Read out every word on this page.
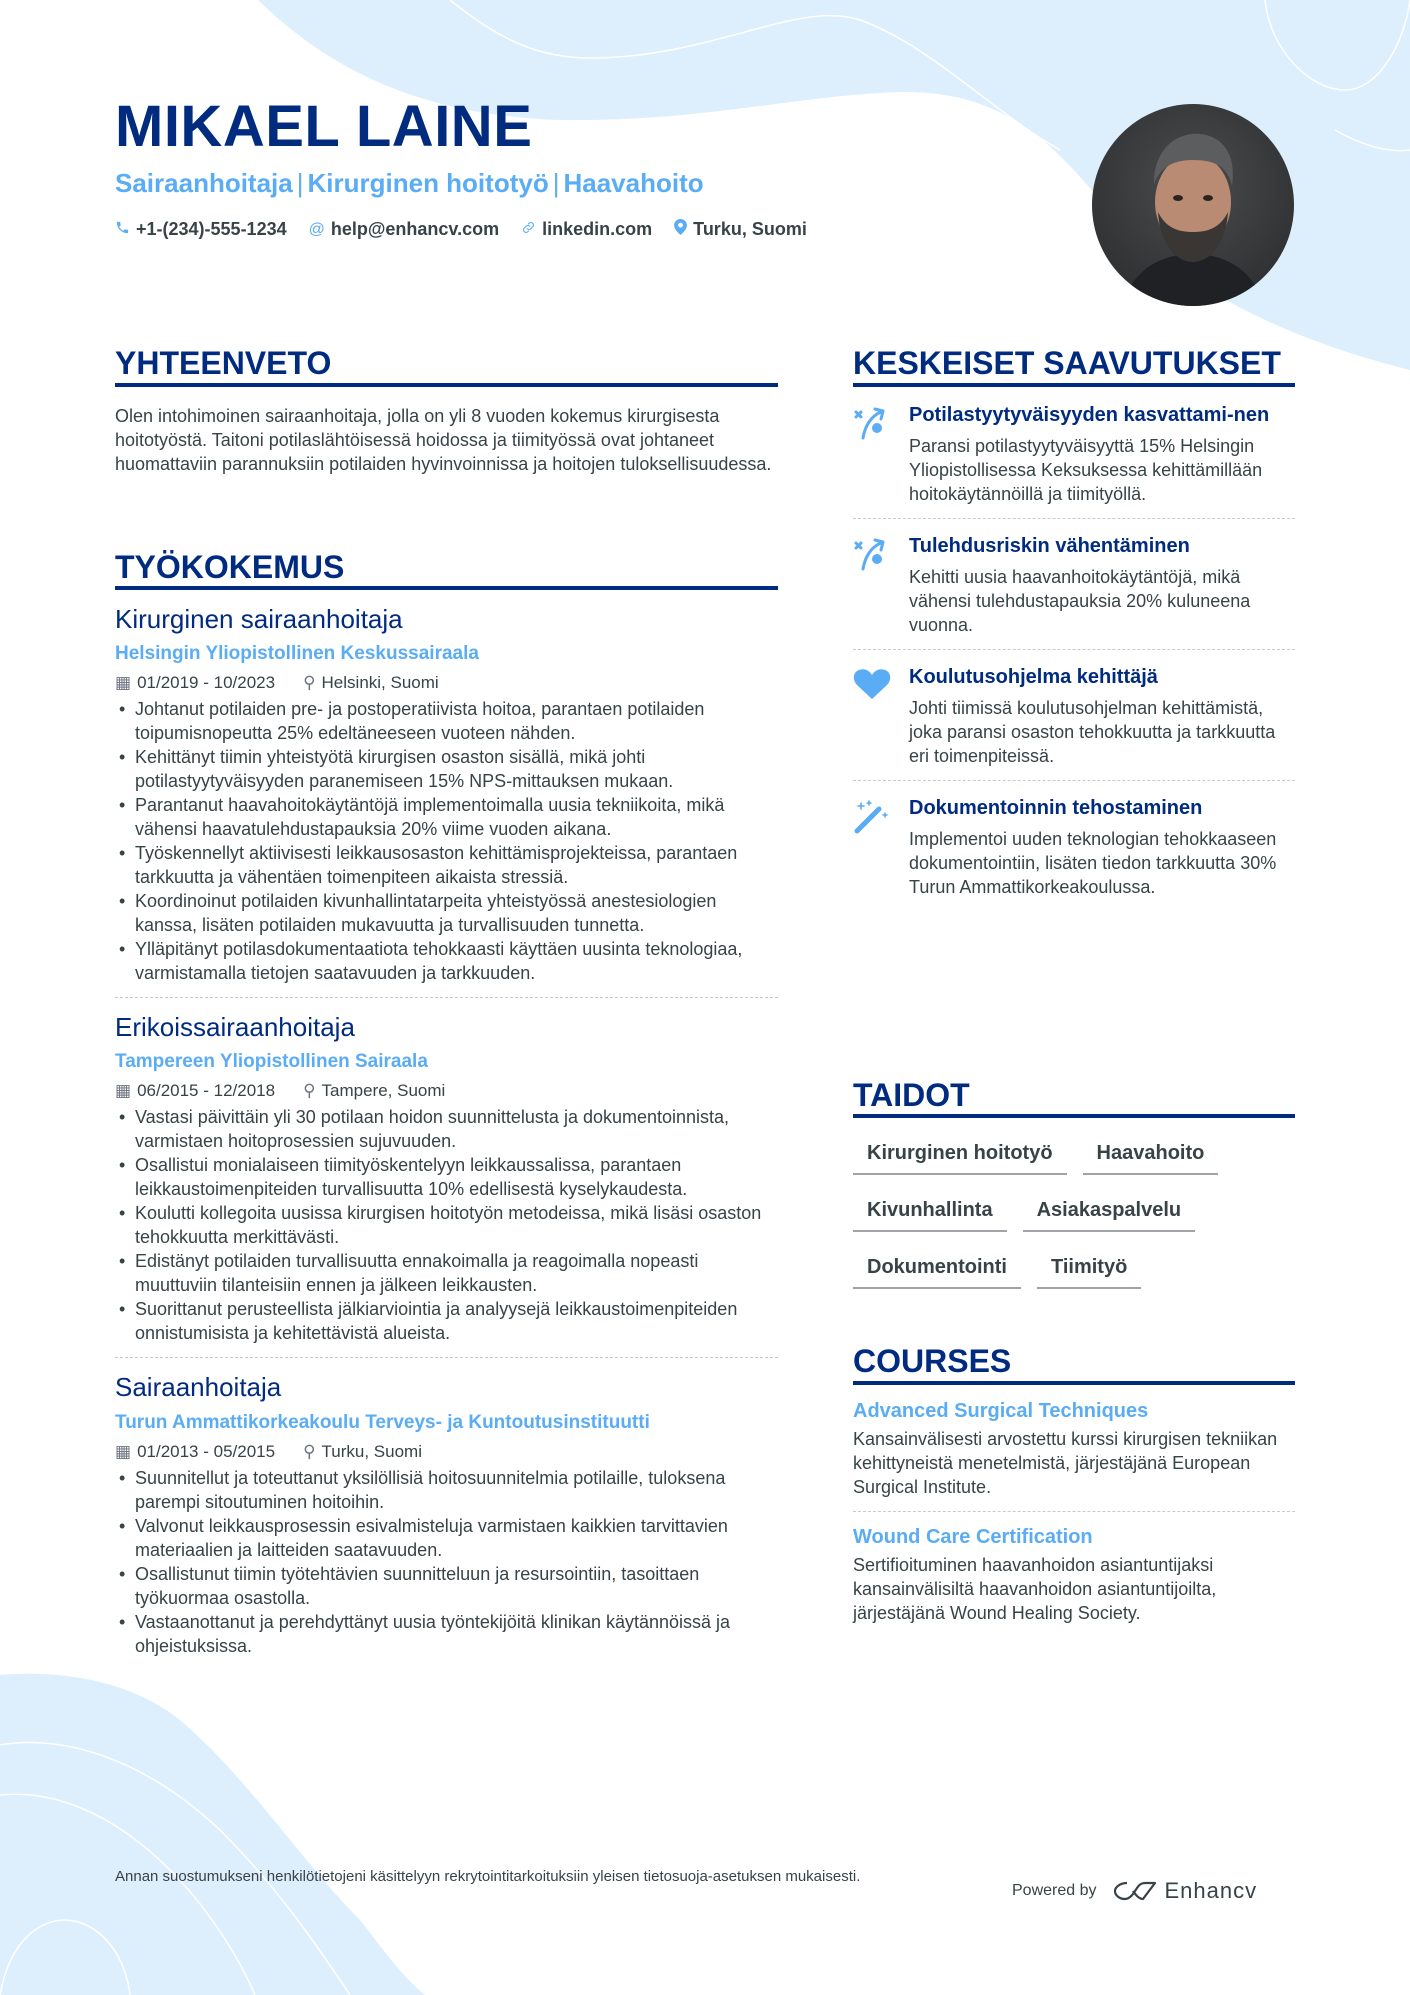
MIKAEL LAINE
Sairaanhoitaja | Kirurginen hoitotyö | Haavahoito
+1-(234)-555-1234 @ help@enhancv.com linkedin.com Turku, Suomi
YHTEENVETO
Olen intohimoinen sairaanhoitaja, jolla on yli 8 vuoden kokemus kirurgisesta hoitotyöstä. Taitoni potilaslähtöisessä hoidossa ja tiimityössä ovat johtaneet huomattaviin parannuksiin potilaiden hyvinvoinnissa ja hoitojen tuloksellisuudessa.
TYÖKOKEMUS
Kirurginen sairaanhoitaja
Helsingin Yliopistollinen Keskussairaala
▦ 01/2019 - 10/2023 ⚲ Helsinki, Suomi
• Johtanut potilaiden pre- ja postoperatiivista hoitoa, parantaen potilaiden toipumisnopeutta 25% edeltäneeseen vuoteen nähden.
• Kehittänyt tiimin yhteistyötä kirurgisen osaston sisällä, mikä johti potilastyytyväisyyden paranemiseen 15% NPS-mittauksen mukaan.
• Parantanut haavahoitokäytäntöjä implementoimalla uusia tekniikoita, mikä vähensi haavatulehdustapauksia 20% viime vuoden aikana.
• Työskennellyt aktiivisesti leikkausosaston kehittämisprojekteissa, parantaen tarkkuutta ja vähentäen toimenpiteen aikaista stressiä.
• Koordinoinut potilaiden kivunhallintatarpeita yhteistyössä anestesiologien kanssa, lisäten potilaiden mukavuutta ja turvallisuuden tunnetta.
• Ylläpitänyt potilasdokumentaatiota tehokkaasti käyttäen uusinta teknologiaa, varmistamalla tietojen saatavuuden ja tarkkuuden.
Erikoissairaanhoitaja
Tampereen Yliopistollinen Sairaala
▦ 06/2015 - 12/2018 ⚲ Tampere, Suomi
• Vastasi päivittäin yli 30 potilaan hoidon suunnittelusta ja dokumentoinnista, varmistaen hoitoprosessien sujuvuuden.
• Osallistui monialaiseen tiimityöskentelyyn leikkaussalissa, parantaen leikkaustoimenpiteiden turvallisuutta 10% edellisestä kyselykaudesta.
• Koulutti kollegoita uusissa kirurgisen hoitotyön metodeissa, mikä lisäsi osaston tehokkuutta merkittävästi.
• Edistänyt potilaiden turvallisuutta ennakoimalla ja reagoimalla nopeasti muuttuviin tilanteisiin ennen ja jälkeen leikkausten.
• Suorittanut perusteellista jälkiarviointia ja analyysejä leikkaustoimenpiteiden onnistumisista ja kehitettävistä alueista.
Sairaanhoitaja
Turun Ammattikorkeakoulu Terveys- ja Kuntoutusinstituutti
▦ 01/2013 - 05/2015 ⚲ Turku, Suomi
• Suunnitellut ja toteuttanut yksilöllisiä hoitosuunnitelmia potilaille, tuloksena parempi sitoutuminen hoitoihin.
• Valvonut leikkausprosessin esivalmisteluja varmistaen kaikkien tarvittavien materiaalien ja laitteiden saatavuuden.
• Osallistunut tiimin työtehtävien suunnitteluun ja resursointiin, tasoittaen työkuormaa osastolla.
• Vastaanottanut ja perehdyttänyt uusia työntekijöitä klinikan käytännöissä ja ohjeistuksissa.
KESKEISET SAAVUTUKSET
Potilastyytyväisyyden kasvattami-nen
Paransi potilastyytyväisyyttä 15% Helsingin Yliopistollisessa Keksuksessa kehittämillään hoitokäytännöillä ja tiimityöllä.
Tulehdusriskin vähentäminen
Kehitti uusia haavanhoitokäytäntöjä, mikä vähensi tulehdustapauksia 20% kuluneena vuonna.
Koulutusohjelma kehittäjä
Johti tiimissä koulutusohjelman kehittämistä, joka paransi osaston tehokkuutta ja tarkkuutta eri toimenpiteissä.
Dokumentoinnin tehostaminen
Implementoi uuden teknologian tehokkaaseen dokumentointiin, lisäten tiedon tarkkuutta 30% Turun Ammattikorkeakoulussa.
TAIDOT
Kirurginen hoitotyö	Haavahoito
Kivunhallinta	Asiakaspalvelu
Dokumentointi	Tiimityö
COURSES
Advanced Surgical Techniques
Kansainvälisesti arvostettu kurssi kirurgisen tekniikan kehittyneistä menetelmistä, järjestäjänä European Surgical Institute.
Wound Care Certification
Sertifioituminen haavanhoidon asiantuntijaksi kansainvälisiltä haavanhoidon asiantuntijoilta, järjestäjänä Wound Healing Society.
Annan suostumukseni henkilötietojeni käsittelyyn rekrytointitarkoituksiin yleisen tietosuoja-asetuksen mukaisesti.
Powered by	Enhancv
